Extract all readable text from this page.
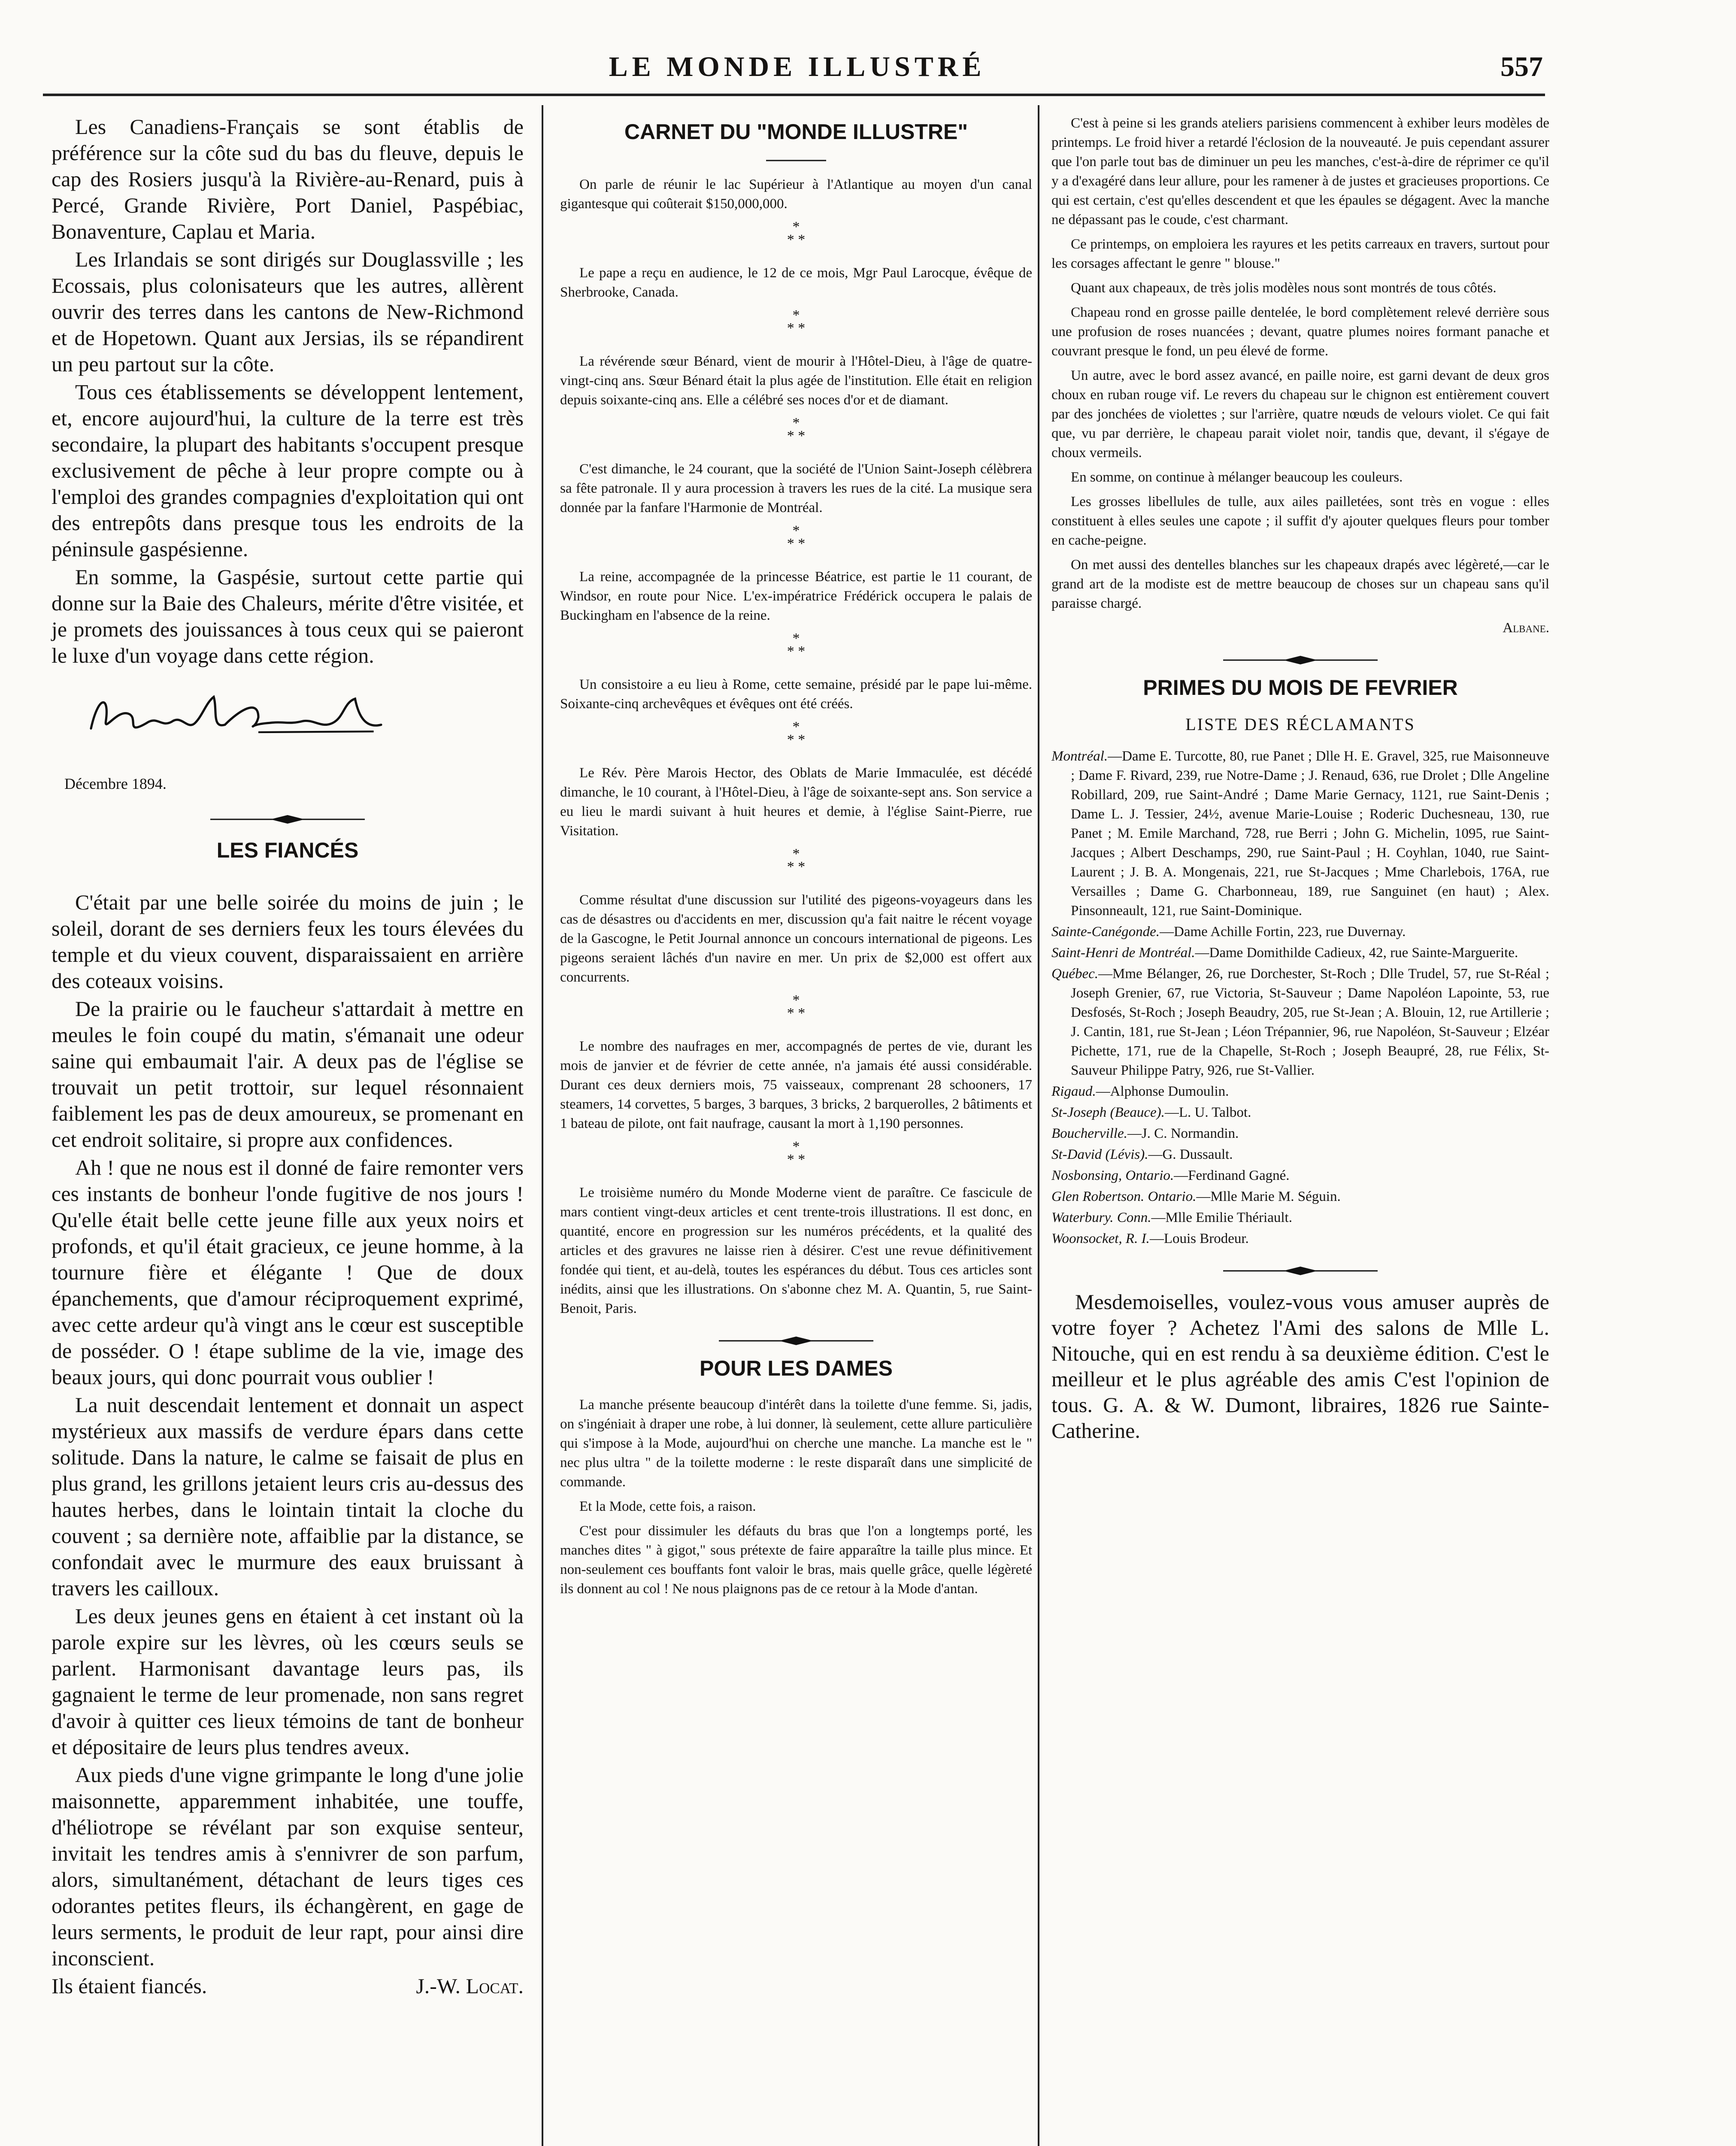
LE MONDE ILLUSTRÉ	557

Les Canadiens-Français se sont établis de préférence sur la côte sud du bas du fleuve, depuis le cap des Rosiers jusqu'à la Rivière-au-Renard, puis à Percé, Grande Rivière, Port Daniel, Paspébiac, Bonaventure, Caplau et Maria.

Les Irlandais se sont dirigés sur Douglassville ; les Ecossais, plus colonisateurs que les autres, allèrent ouvrir des terres dans les cantons de New-Richmond et de Hopetown. Quant aux Jersias, ils se répandirent un peu partout sur la côte.

Tous ces établissements se développent lentement, et, encore aujourd'hui, la culture de la terre est très secondaire, la plupart des habitants s'occupent presque exclusivement de pêche à leur propre compte ou à l'emploi des grandes compagnies d'exploitation qui ont des entrepôts dans presque tous les endroits de la péninsule gaspésienne.

En somme, la Gaspésie, surtout cette partie qui donne sur la Baie des Chaleurs, mérite d'être visitée, et je promets des jouissances à tous ceux qui se paieront le luxe d'un voyage dans cette région.

Décembre 1894.
LES FIANCÉS

C'était par une belle soirée du moins de juin ; le soleil, dorant de ses derniers feux les tours élevées du temple et du vieux couvent, disparaissaient en arrière des coteaux voisins.

De la prairie ou le faucheur s'attardait à mettre en meules le foin coupé du matin, s'émanait une odeur saine qui embaumait l'air. A deux pas de l'église se trouvait un petit trottoir, sur lequel résonnaient faiblement les pas de deux amoureux, se promenant en cet endroit solitaire, si propre aux confidences.

Ah ! que ne nous est il donné de faire remonter vers ces instants de bonheur l'onde fugitive de nos jours ! Qu'elle était belle cette jeune fille aux yeux noirs et profonds, et qu'il était gracieux, ce jeune homme, à la tournure fière et élégante ! Que de doux épanchements, que d'amour réciproquement exprimé, avec cette ardeur qu'à vingt ans le cœur est susceptible de posséder. O ! étape sublime de la vie, image des beaux jours, qui donc pourrait vous oublier !

La nuit descendait lentement et donnait un aspect mystérieux aux massifs de verdure épars dans cette solitude. Dans la nature, le calme se faisait de plus en plus grand, les grillons jetaient leurs cris au-dessus des hautes herbes, dans le lointain tintait la cloche du couvent ; sa dernière note, affaiblie par la distance, se confondait avec le murmure des eaux bruissant à travers les cailloux.

Les deux jeunes gens en étaient à cet instant où la parole expire sur les lèvres, où les cœurs seuls se parlent. Harmonisant davantage leurs pas, ils gagnaient le terme de leur promenade, non sans regret d'avoir à quitter ces lieux témoins de tant de bonheur et dépositaire de leurs plus tendres aveux.

Aux pieds d'une vigne grimpante le long d'une jolie maisonnette, apparemment inhabitée, une touffe, d'héliotrope se révélant par son exquise senteur, invitait les tendres amis à s'ennivrer de son parfum, alors, simultanément, détachant de leurs tiges ces odorantes petites fleurs, ils échangèrent, en gage de leurs serments, le produit de leur rapt, pour ainsi dire inconscient.

Ils étaient fiancés.	J.-W. Locat.

CARNET DU "MONDE ILLUSTRE"

On parle de réunir le lac Supérieur à l'Atlantique au moyen d'un canal gigantesque qui coûterait $150,000,000.

*
* *

Le pape a reçu en audience, le 12 de ce mois, Mgr Paul Larocque, évêque de Sherbrooke, Canada.

*
* *

La révérende sœur Bénard, vient de mourir à l'Hôtel-Dieu, à l'âge de quatre-vingt-cinq ans. Sœur Bénard était la plus agée de l'institution. Elle était en religion depuis soixante-cinq ans. Elle a célébré ses noces d'or et de diamant.

*
* *

C'est dimanche, le 24 courant, que la société de l'Union Saint-Joseph célèbrera sa fête patronale. Il y aura procession à travers les rues de la cité. La musique sera donnée par la fanfare l'Harmonie de Montréal.

*
* *

La reine, accompagnée de la princesse Béatrice, est partie le 11 courant, de Windsor, en route pour Nice. L'ex-impératrice Frédérick occupera le palais de Buckingham en l'absence de la reine.

*
* *

Un consistoire a eu lieu à Rome, cette semaine, présidé par le pape lui-même. Soixante-cinq archevêques et évêques ont été créés.

*
* *

Le Rév. Père Marois Hector, des Oblats de Marie Immaculée, est décédé dimanche, le 10 courant, à l'Hôtel-Dieu, à l'âge de soixante-sept ans. Son service a eu lieu le mardi suivant à huit heures et demie, à l'église Saint-Pierre, rue Visitation.

*
* *

Comme résultat d'une discussion sur l'utilité des pigeons-voyageurs dans les cas de désastres ou d'accidents en mer, discussion qu'a fait naitre le récent voyage de la Gascogne, le Petit Journal annonce un concours international de pigeons. Les pigeons seraient lâchés d'un navire en mer. Un prix de $2,000 est offert aux concurrents.

*
* *

Le nombre des naufrages en mer, accompagnés de pertes de vie, durant les mois de janvier et de février de cette année, n'a jamais été aussi considérable. Durant ces deux derniers mois, 75 vaisseaux, comprenant 28 schooners, 17 steamers, 14 corvettes, 5 barges, 3 barques, 3 bricks, 2 barquerolles, 2 bâtiments et 1 bateau de pilote, ont fait naufrage, causant la mort à 1,190 personnes.

*
* *

Le troisième numéro du Monde Moderne vient de paraître. Ce fascicule de mars contient vingt-deux articles et cent trente-trois illustrations. Il est donc, en quantité, encore en progression sur les numéros précédents, et la qualité des articles et des gravures ne laisse rien à désirer. C'est une revue définitivement fondée qui tient, et au-delà, toutes les espérances du début. Tous ces articles sont inédits, ainsi que les illustrations. On s'abonne chez M. A. Quantin, 5, rue Saint-Benoit, Paris.

POUR LES DAMES

La manche présente beaucoup d'intérêt dans la toilette d'une femme. Si, jadis, on s'ingéniait à draper une robe, à lui donner, là seulement, cette allure particulière qui s'impose à la Mode, aujourd'hui on cherche une manche. La manche est le " nec plus ultra " de la toilette moderne : le reste disparaît dans une simplicité de commande.

Et la Mode, cette fois, a raison.

C'est pour dissimuler les défauts du bras que l'on a longtemps porté, les manches dites " à gigot," sous prétexte de faire apparaître la taille plus mince. Et non-seulement ces bouffants font valoir le bras, mais quelle grâce, quelle légèreté ils donnent au col ! Ne nous plaignons pas de ce retour à la Mode d'antan.

C'est à peine si les grands ateliers parisiens commencent à exhiber leurs modèles de printemps. Le froid hiver a retardé l'éclosion de la nouveauté. Je puis cependant assurer que l'on parle tout bas de diminuer un peu les manches, c'est-à-dire de réprimer ce qu'il y a d'exagéré dans leur allure, pour les ramener à de justes et gracieuses proportions. Ce qui est certain, c'est qu'elles descendent et que les épaules se dégagent. Avec la manche ne dépassant pas le coude, c'est charmant.

Ce printemps, on emploiera les rayures et les petits carreaux en travers, surtout pour les corsages affectant le genre " blouse."

Quant aux chapeaux, de très jolis modèles nous sont montrés de tous côtés.

Chapeau rond en grosse paille dentelée, le bord complètement relevé derrière sous une profusion de roses nuancées ; devant, quatre plumes noires formant panache et couvrant presque le fond, un peu élevé de forme.

Un autre, avec le bord assez avancé, en paille noire, est garni devant de deux gros choux en ruban rouge vif. Le revers du chapeau sur le chignon est entièrement couvert par des jonchées de violettes ; sur l'arrière, quatre nœuds de velours violet. Ce qui fait que, vu par derrière, le chapeau parait violet noir, tandis que, devant, il s'égaye de choux vermeils.

En somme, on continue à mélanger beaucoup les couleurs.

Les grosses libellules de tulle, aux ailes pailletées, sont très en vogue : elles constituent à elles seules une capote ; il suffit d'y ajouter quelques fleurs pour tomber en cache-peigne.

On met aussi des dentelles blanches sur les chapeaux drapés avec légèreté,—car le grand art de la modiste est de mettre beaucoup de choses sur un chapeau sans qu'il paraisse chargé.

Albane.

PRIMES DU MOIS DE FEVRIER
LISTE DES RÉCLAMANTS

Montréal.—Dame E. Turcotte, 80, rue Panet ; Dlle H. E. Gravel, 325, rue Maisonneuve ; Dame F. Rivard, 239, rue Notre-Dame ; J. Renaud, 636, rue Drolet ; Dlle Angeline Robillard, 209, rue Saint-André ; Dame Marie Gernacy, 1121, rue Saint-Denis ; Dame L. J. Tessier, 24½, avenue Marie-Louise ; Roderic Duchesneau, 130, rue Panet ; M. Emile Marchand, 728, rue Berri ; John G. Michelin, 1095, rue Saint-Jacques ; Albert Deschamps, 290, rue Saint-Paul ; H. Coyhlan, 1040, rue Saint-Laurent ; J. B. A. Mongenais, 221, rue St-Jacques ; Mme Charlebois, 176A, rue Versailles ; Dame G. Charbonneau, 189, rue Sanguinet (en haut) ; Alex. Pinsonneault, 121, rue Saint-Dominique.

Sainte-Canégonde.—Dame Achille Fortin, 223, rue Duvernay.

Saint-Henri de Montréal.—Dame Domithilde Cadieux, 42, rue Sainte-Marguerite.

Québec.—Mme Bélanger, 26, rue Dorchester, St-Roch ; Dlle Trudel, 57, rue St-Réal ; Joseph Grenier, 67, rue Victoria, St-Sauveur ; Dame Napoléon Lapointe, 53, rue Desfosés, St-Roch ; Joseph Beaudry, 205, rue St-Jean ; A. Blouin, 12, rue Artillerie ; J. Cantin, 181, rue St-Jean ; Léon Trépannier, 96, rue Napoléon, St-Sauveur ; Elzéar Pichette, 171, rue de la Chapelle, St-Roch ; Joseph Beaupré, 28, rue Félix, St-Sauveur Philippe Patry, 926, rue St-Vallier.

Rigaud.—Alphonse Dumoulin.

St-Joseph (Beauce).—L. U. Talbot.

Boucherville.—J. C. Normandin.

St-David (Lévis).—G. Dussault.

Nosbonsing, Ontario.—Ferdinand Gagné.

Glen Robertson. Ontario.—Mlle Marie M. Séguin.

Waterbury. Conn.—Mlle Emilie Thériault.

Woonsocket, R. I.—Louis Brodeur.

Mesdemoiselles, voulez-vous vous amuser auprès de votre foyer ? Achetez l'Ami des salons de Mlle L. Nitouche, qui en est rendu à sa deuxième édition. C'est le meilleur et le plus agréable des amis C'est l'opinion de tous. G. A. & W. Dumont, libraires, 1826 rue Sainte-Catherine.
